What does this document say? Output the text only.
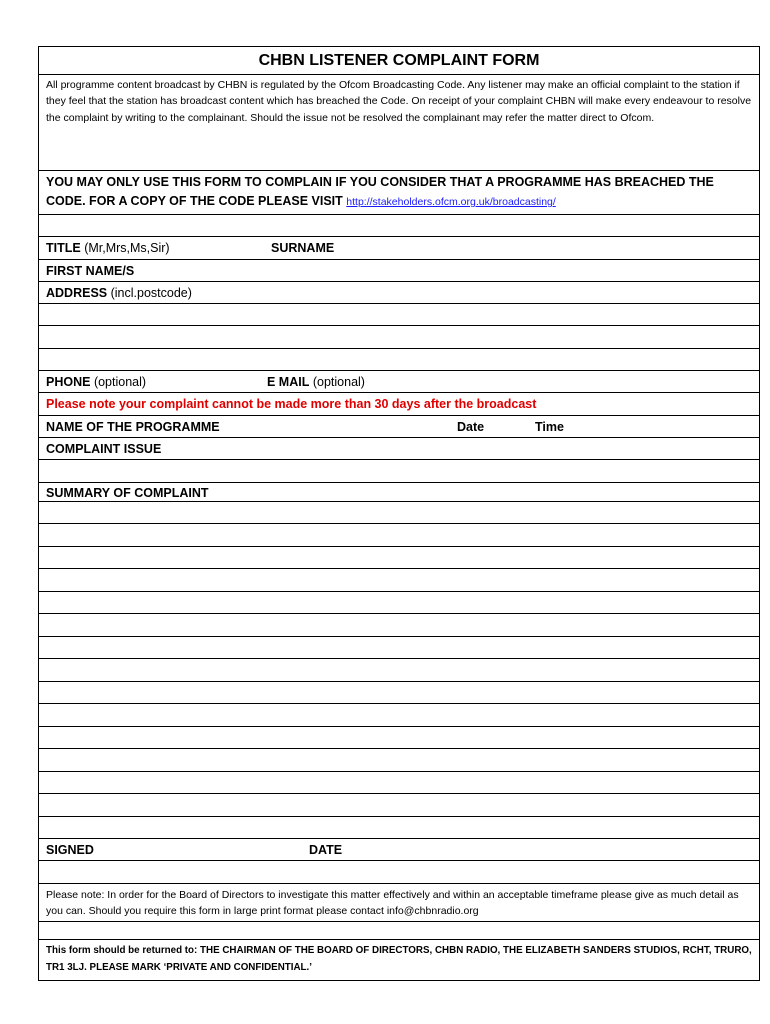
CHBN LISTENER COMPLAINT FORM
All programme content broadcast by CHBN is regulated by the Ofcom Broadcasting Code. Any listener may make an official complaint to the station if they feel that the station has broadcast content which has breached the Code. On receipt of your complaint CHBN will make every endeavour to resolve the complaint by writing to the complainant. Should the issue not be resolved the complainant may refer the matter direct to Ofcom.
YOU MAY ONLY USE THIS FORM TO COMPLAIN IF YOU CONSIDER THAT A PROGRAMME HAS BREACHED THE CODE. FOR A COPY OF THE CODE PLEASE VISIT http://stakeholders.ofcm.org.uk/broadcasting/
TITLE (Mr,Mrs,Ms,Sir)	SURNAME
FIRST NAME/S
ADDRESS (incl.postcode)
PHONE (optional)	E MAIL (optional)
Please note your complaint cannot be made more than 30 days after the broadcast
NAME OF THE PROGRAMME	Date	Time
COMPLAINT ISSUE
SUMMARY OF COMPLAINT
SIGNED	DATE
Please note: In order for the Board of Directors to investigate this matter effectively and within an acceptable timeframe please give as much detail as you can. Should you require this form in large print format please contact info@chbnradio.org
This form should be returned to: THE CHAIRMAN OF THE BOARD OF DIRECTORS, CHBN RADIO, THE ELIZABETH SANDERS STUDIOS, RCHT, TRURO, TR1 3LJ. PLEASE MARK ‘PRIVATE AND CONFIDENTIAL.’
